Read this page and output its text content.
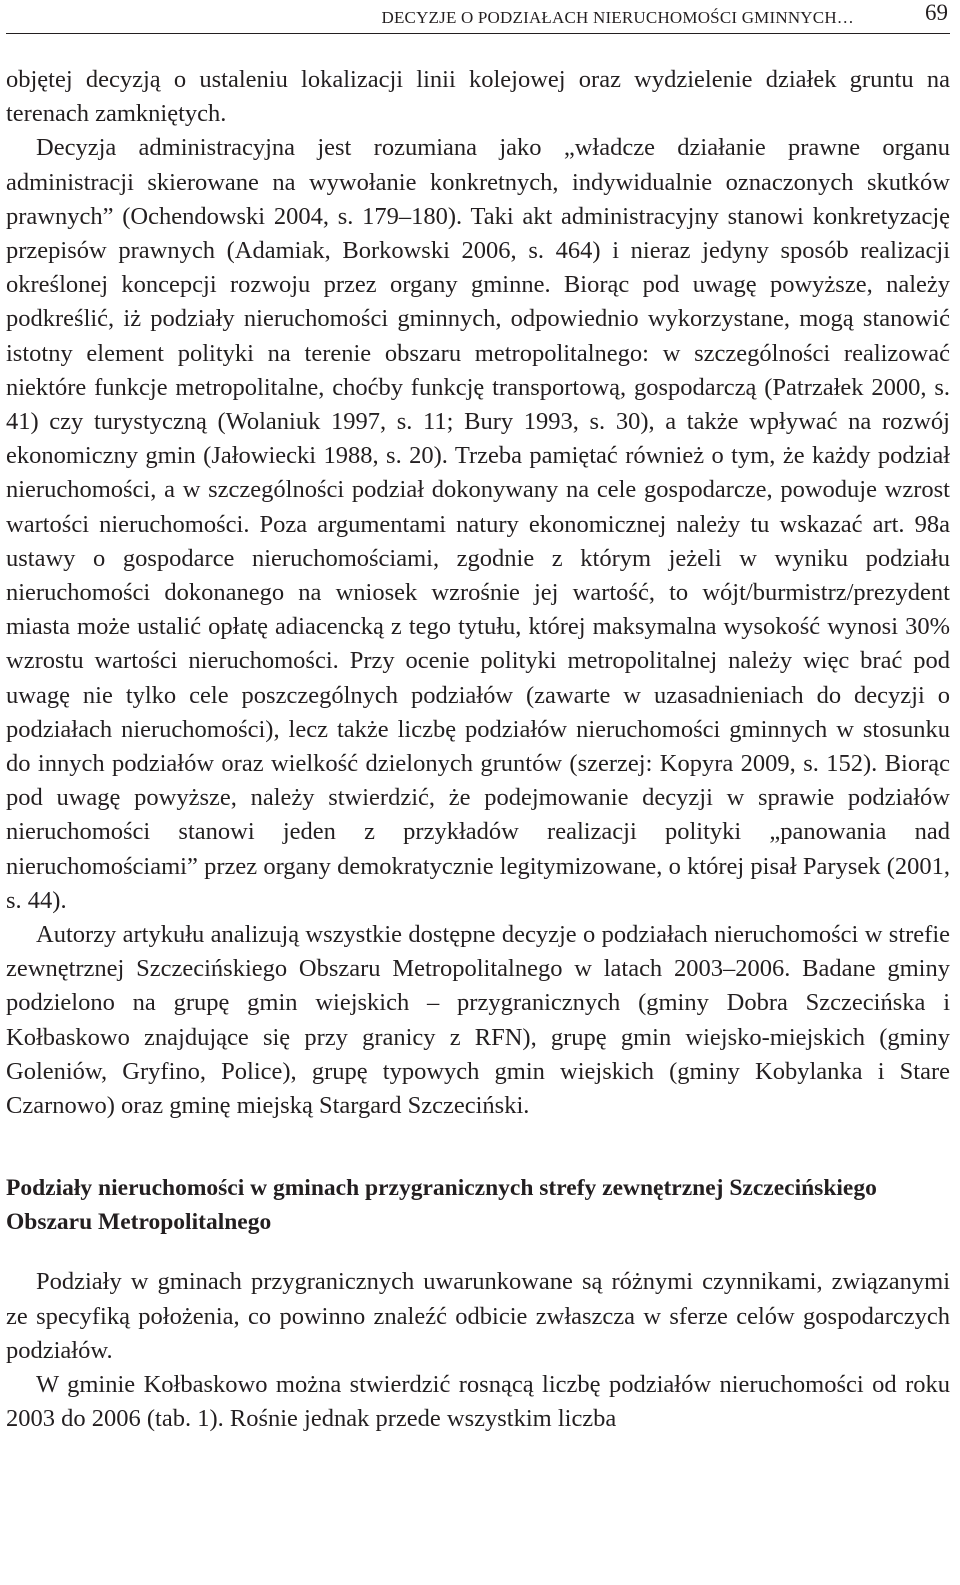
DECYZJE O PODZIAŁACH NIERUCHOMOŚCI GMINNYCH…	69

objętej decyzją o ustaleniu lokalizacji linii kolejowej oraz wydzielenie działek gruntu na terenach zamkniętych.

Decyzja administracyjna jest rozumiana jako „władcze działanie prawne organu administracji skierowane na wywołanie konkretnych, indywidualnie oznaczonych skutków prawnych” (Ochendowski 2004, s. 179–180). Taki akt administracyjny stanowi konkretyzację przepisów prawnych (Adamiak, Borkowski 2006, s. 464) i nieraz jedyny sposób realizacji określonej koncepcji rozwoju przez organy gminne. Biorąc pod uwagę powyższe, należy podkreślić, iż podziały nieruchomości gminnych, odpowiednio wykorzystane, mogą stanowić istotny element polityki na terenie obszaru metropolitalnego: w szczególności realizować niektóre funkcje metropolitalne, choćby funkcję transportową, gospodarczą (Patrzałek 2000, s. 41) czy turystyczną (Wolaniuk 1997, s. 11; Bury 1993, s. 30), a także wpływać na rozwój ekonomiczny gmin (Jałowiecki 1988, s. 20). Trzeba pamiętać również o tym, że każdy podział nieruchomości, a w szczególności podział dokonywany na cele gospodarcze, powoduje wzrost wartości nieruchomości. Poza argumentami natury ekonomicznej należy tu wskazać art. 98a ustawy o gospodarce nieruchomościami, zgodnie z którym jeżeli w wyniku podziału nieruchomości dokonanego na wniosek wzrośnie jej wartość, to wójt/burmistrz/prezydent miasta może ustalić opłatę adiacencką z tego tytułu, której maksymalna wysokość wynosi 30% wzrostu wartości nieruchomości. Przy ocenie polityki metropolitalnej należy więc brać pod uwagę nie tylko cele poszczególnych podziałów (zawarte w uzasadnieniach do decyzji o podziałach nieruchomości), lecz także liczbę podziałów nieruchomości gminnych w stosunku do innych podziałów oraz wielkość dzielonych gruntów (szerzej: Kopyra 2009, s. 152). Biorąc pod uwagę powyższe, należy stwierdzić, że podejmowanie decyzji w sprawie podziałów nieruchomości stanowi jeden z przykładów realizacji polityki „panowania nad nieruchomościami” przez organy demokratycznie legitymizowane, o której pisał Parysek (2001, s. 44).

Autorzy artykułu analizują wszystkie dostępne decyzje o podziałach nieruchomości w strefie zewnętrznej Szczecińskiego Obszaru Metropolitalnego w latach 2003–2006. Badane gminy podzielono na grupę gmin wiejskich – przygranicznych (gminy Dobra Szczecińska i Kołbaskowo znajdujące się przy granicy z RFN), grupę gmin wiejsko-miejskich (gminy Goleniów, Gryfino, Police), grupę typowych gmin wiejskich (gminy Kobylanka i Stare Czarnowo) oraz gminę miejską Stargard Szczeciński.

Podziały nieruchomości w gminach przygranicznych strefy zewnętrznej Szczecińskiego Obszaru Metropolitalnego

Podziały w gminach przygranicznych uwarunkowane są różnymi czynnikami, związanymi ze specyfiką położenia, co powinno znaleźć odbicie zwłaszcza w sferze celów gospodarczych podziałów.

W gminie Kołbaskowo można stwierdzić rosnącą liczbę podziałów nieruchomości od roku 2003 do 2006 (tab. 1). Rośnie jednak przede wszystkim liczba
